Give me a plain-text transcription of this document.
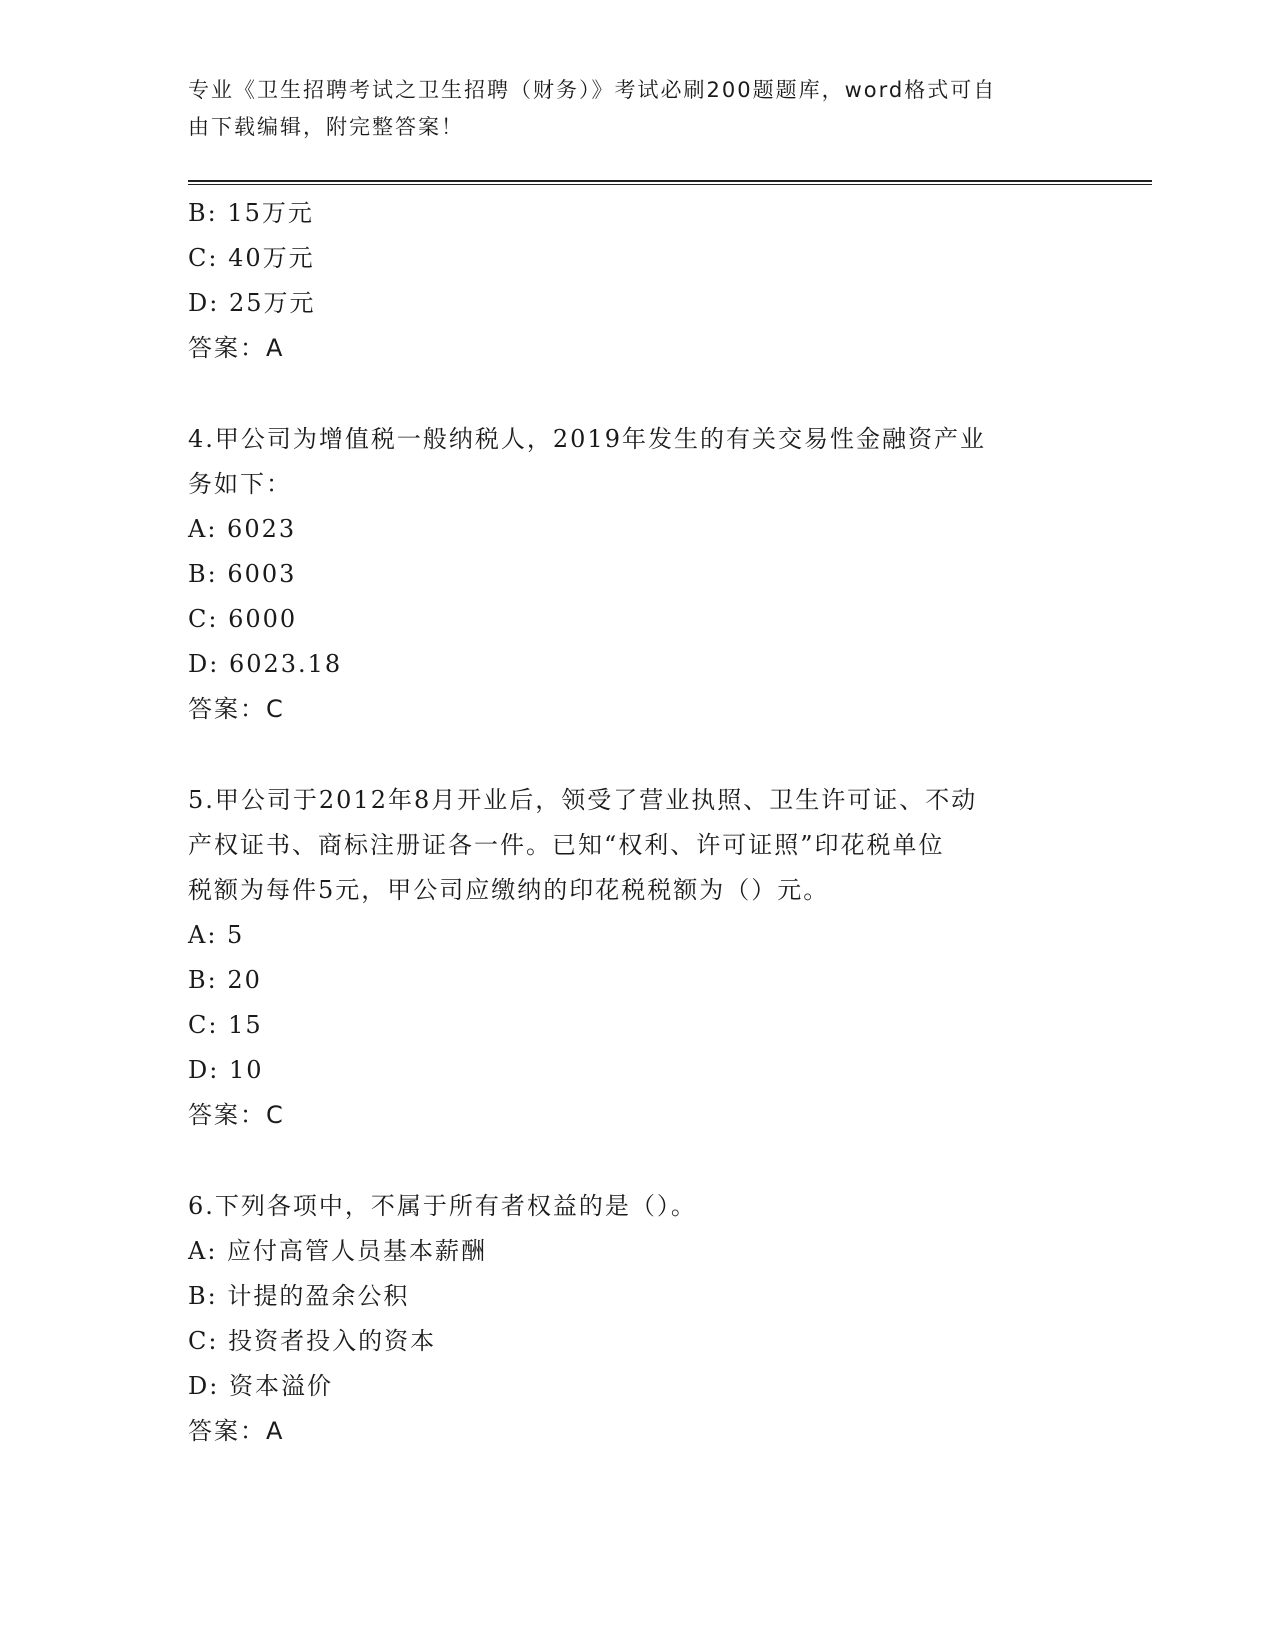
专业《卫生招聘考试之卫生招聘（财务）》考试必刷200题题库，word格式可自
由下载编辑，附完整答案！
B: 15万元
C: 40万元
D: 25万元
答案：A
4.甲公司为增值税一般纳税人，2019年发生的有关交易性金融资产业
务如下：
A: 6023
B: 6003
C: 6000
D: 6023.18
答案：C
5.甲公司于2012年8月开业后，领受了营业执照、卫生许可证、不动
产权证书、商标注册证各一件。已知“权利、许可证照”印花税单位
税额为每件5元，甲公司应缴纳的印花税税额为（）元。
A: 5
B: 20
C: 15
D: 10
答案：C
6.下列各项中，不属于所有者权益的是（）。
A: 应付高管人员基本薪酬
B: 计提的盈余公积
C: 投资者投入的资本
D: 资本溢价
答案：A
